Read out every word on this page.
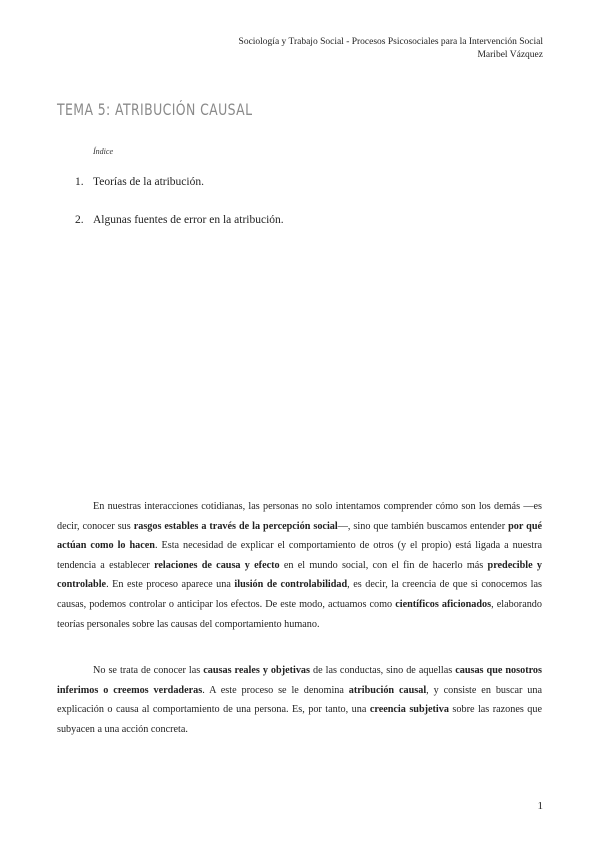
Sociología y Trabajo Social - Procesos Psicosociales para la Intervención Social
Maribel Vázquez
TEMA 5: ATRIBUCIÓN CAUSAL
Índice
1. Teorías de la atribución.
2. Algunas fuentes de error en la atribución.

En nuestras interacciones cotidianas, las personas no solo intentamos comprender cómo son los demás —es decir, conocer sus rasgos estables a través de la percepción social—, sino que también buscamos entender por qué actúan como lo hacen. Esta necesidad de explicar el comportamiento de otros (y el propio) está ligada a nuestra tendencia a establecer relaciones de causa y efecto en el mundo social, con el fin de hacerlo más predecible y controlable. En este proceso aparece una ilusión de controlabilidad, es decir, la creencia de que si conocemos las causas, podemos controlar o anticipar los efectos. De este modo, actuamos como científicos aficionados, elaborando teorías personales sobre las causas del comportamiento humano.

No se trata de conocer las causas reales y objetivas de las conductas, sino de aquellas causas que nosotros inferimos o creemos verdaderas. A este proceso se le denomina atribución causal, y consiste en buscar una explicación o causa al comportamiento de una persona. Es, por tanto, una creencia subjetiva sobre las razones que subyacen a una acción concreta.

1
